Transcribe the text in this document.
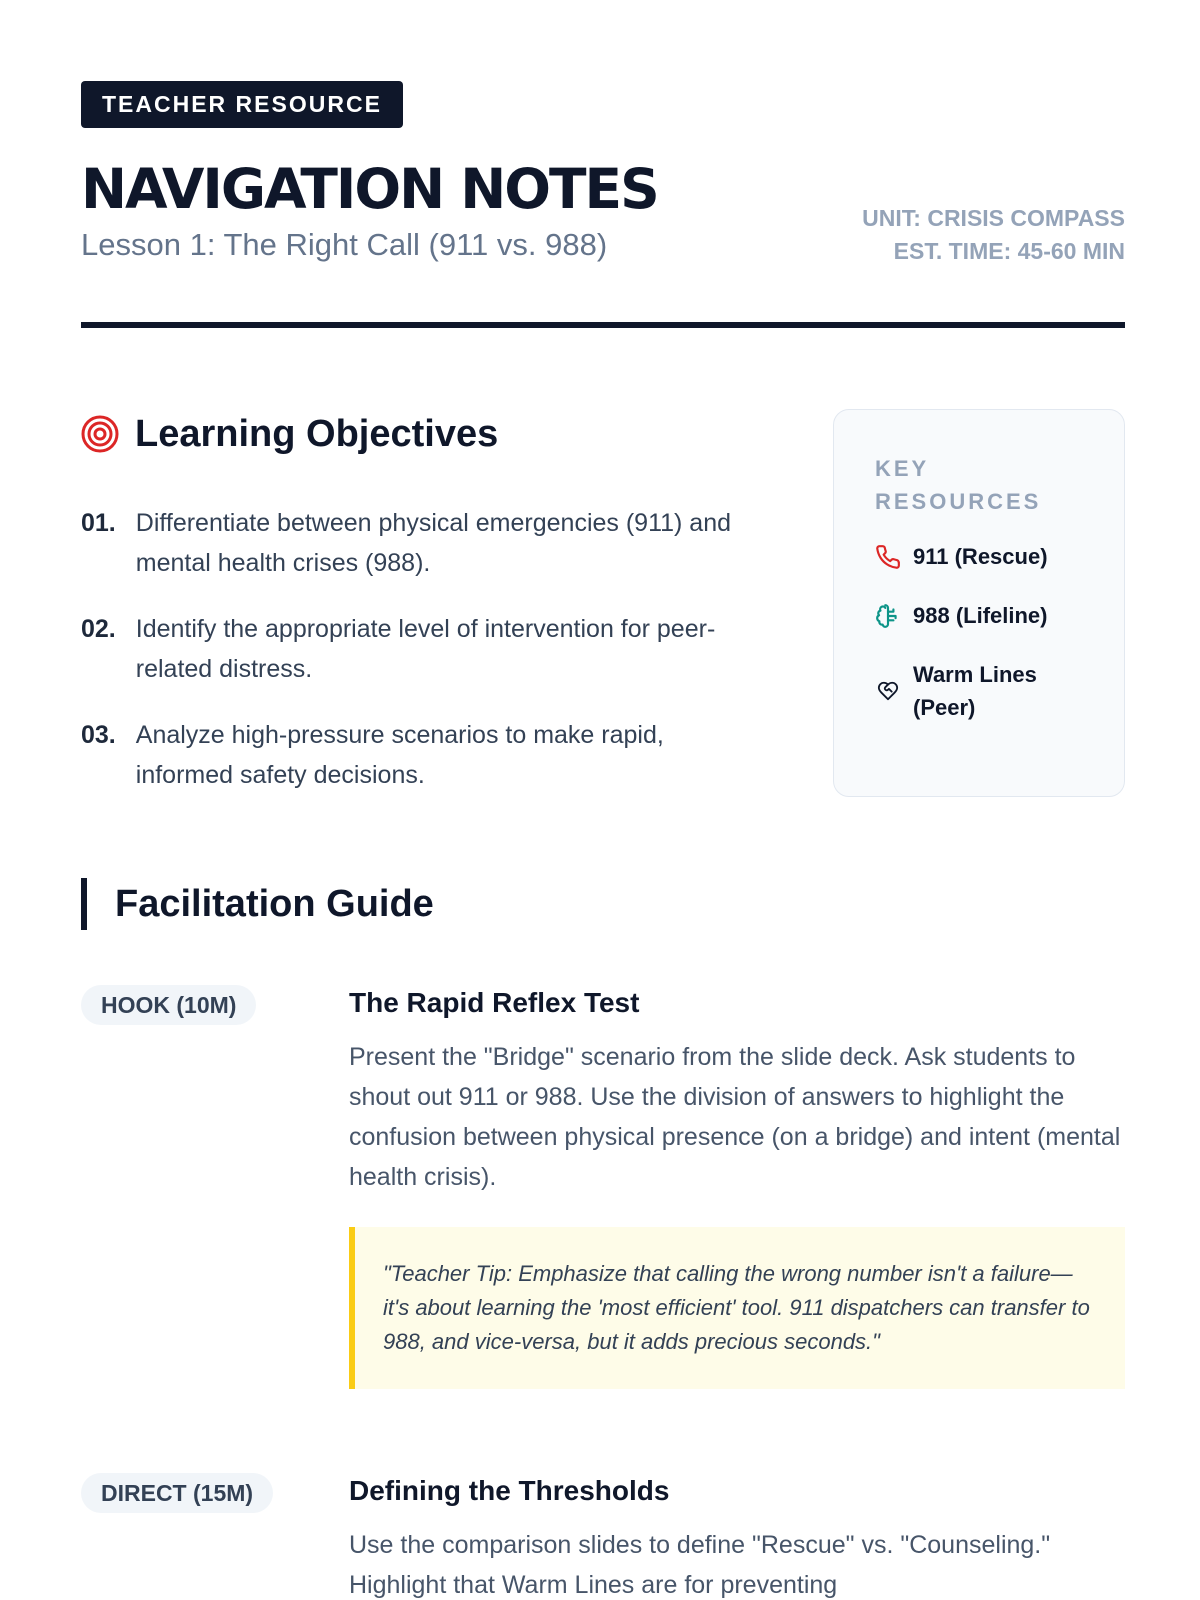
TEACHER RESOURCE
NAVIGATION NOTES
Lesson 1: The Right Call (911 vs. 988)
UNIT: CRISIS COMPASS
EST. TIME: 45-60 MIN
Learning Objectives
01. Differentiate between physical emergencies (911) and mental health crises (988).
02. Identify the appropriate level of intervention for peer-related distress.
03. Analyze high-pressure scenarios to make rapid, informed safety decisions.
KEY RESOURCES
911 (Rescue)
988 (Lifeline)
Warm Lines (Peer)
Facilitation Guide
HOOK (10M)	The Rapid Reflex Test

Present the "Bridge" scenario from the slide deck. Ask students to shout out 911 or 988. Use the division of answers to highlight the confusion between physical presence (on a bridge) and intent (mental health crisis).

"Teacher Tip: Emphasize that calling the wrong number isn't a failure—it's about learning the 'most efficient' tool. 911 dispatchers can transfer to 988, and vice-versa, but it adds precious seconds."
DIRECT (15M)	Defining the Thresholds

Use the comparison slides to define "Rescue" vs. "Counseling." Highlight that Warm Lines are for preventing
